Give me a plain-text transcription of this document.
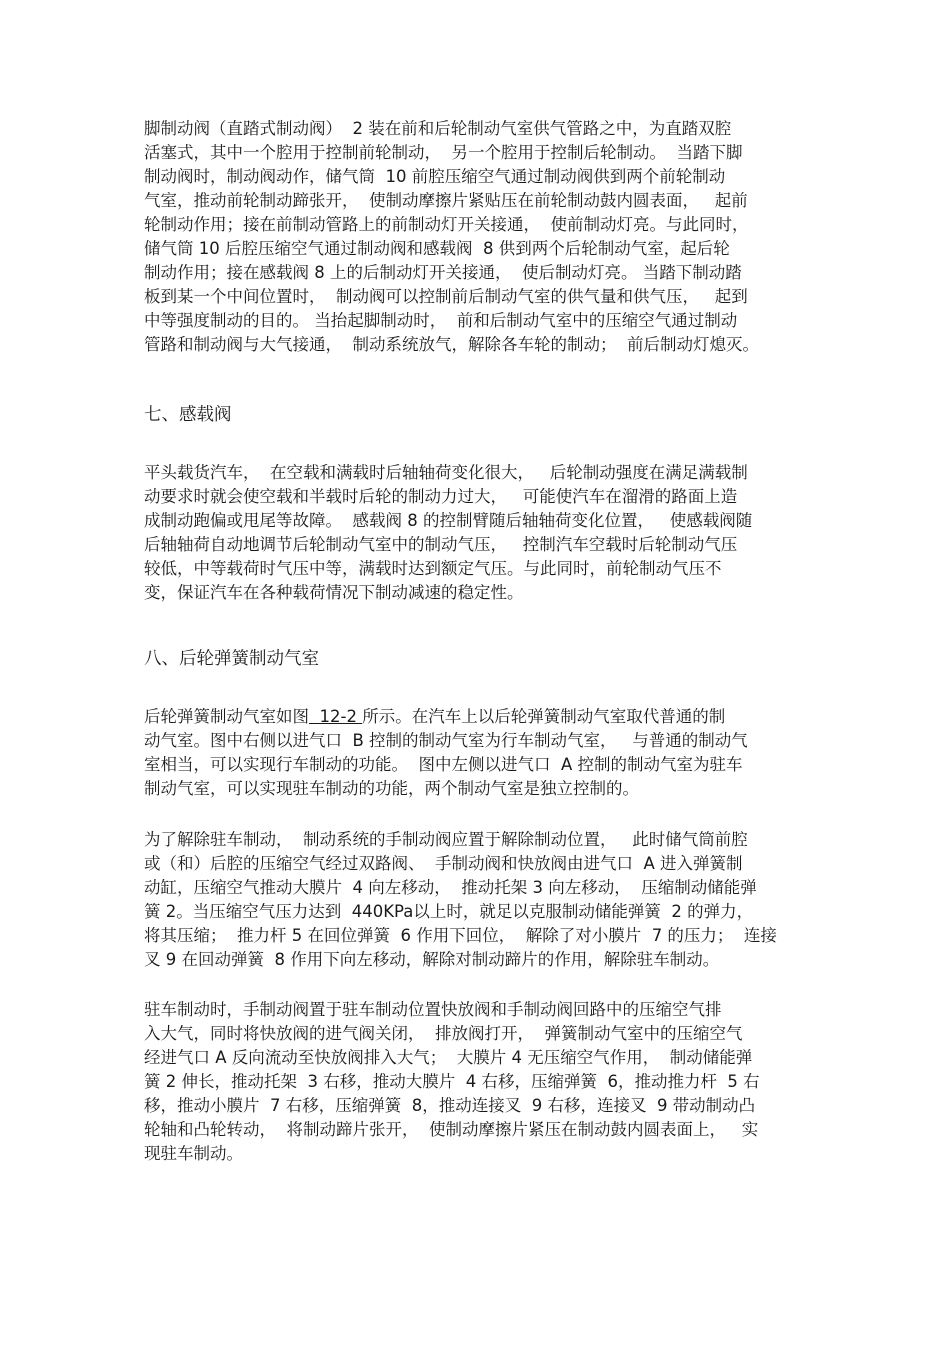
脚制动阀（直踏式制动阀）  2 装在前和后轮制动气室供气管路之中，为直踏双腔
活塞式，其中一个腔用于控制前轮制动，  另一个腔用于控制后轮制动。  当踏下脚
制动阀时，制动阀动作，储气筒  10 前腔压缩空气通过制动阀供到两个前轮制动
气室，推动前轮制动蹄张开，  使制动摩擦片紧贴压在前轮制动鼓内圆表面，   起前
轮制动作用；接在前制动管路上的前制动灯开关接通，  使前制动灯亮。与此同时，
储气筒 10 后腔压缩空气通过制动阀和感载阀  8 供到两个后轮制动气室，起后轮
制动作用；接在感载阀 8 上的后制动灯开关接通，  使后制动灯亮。 当踏下制动踏
板到某一个中间位置时，  制动阀可以控制前后制动气室的供气量和供气压，   起到
中等强度制动的目的。 当抬起脚制动时，  前和后制动气室中的压缩空气通过制动
管路和制动阀与大气接通，  制动系统放气，解除各车轮的制动；  前后制动灯熄灭。
七、感载阀
平头载货汽车，  在空载和满载时后轴轴荷变化很大，   后轮制动强度在满足满载制
动要求时就会使空载和半载时后轮的制动力过大，   可能使汽车在溜滑的路面上造
成制动跑偏或甩尾等故障。  感载阀 8 的控制臂随后轴轴荷变化位置，   使感载阀随
后轴轴荷自动地调节后轮制动气室中的制动气压，   控制汽车空载时后轮制动气压
较低，中等载荷时气压中等，满载时达到额定气压。与此同时，前轮制动气压不
变，保证汽车在各种载荷情况下制动减速的稳定性。
八、后轮弹簧制动气室
后轮弹簧制动气室如图  12-2 所示。在汽车上以后轮弹簧制动气室取代普通的制
动气室。图中右侧以进气口  B 控制的制动气室为行车制动气室，   与普通的制动气
室相当，可以实现行车制动的功能。  图中左侧以进气口  A 控制的制动气室为驻车
制动气室，可以实现驻车制动的功能，两个制动气室是独立控制的。
为了解除驻车制动，  制动系统的手制动阀应置于解除制动位置，   此时储气筒前腔
或（和）后腔的压缩空气经过双路阀、  手制动阀和快放阀由进气口  A 进入弹簧制
动缸，压缩空气推动大膜片  4 向左移动，  推动托架 3 向左移动，  压缩制动储能弹
簧 2。当压缩空气压力达到  440KPa以上时，就足以克服制动储能弹簧  2 的弹力，
将其压缩；  推力杆 5 在回位弹簧  6 作用下回位，  解除了对小膜片  7 的压力；  连接
叉 9 在回动弹簧  8 作用下向左移动，解除对制动蹄片的作用，解除驻车制动。
驻车制动时，手制动阀置于驻车制动位置快放阀和手制动阀回路中的压缩空气排
入大气，同时将快放阀的进气阀关闭，  排放阀打开，  弹簧制动气室中的压缩空气
经进气口 A 反向流动至快放阀排入大气；  大膜片 4 无压缩空气作用，  制动储能弹
簧 2 伸长，推动托架  3 右移，推动大膜片  4 右移，压缩弹簧  6，推动推力杆  5 右
移，推动小膜片  7 右移，压缩弹簧  8，推动连接叉  9 右移，连接叉  9 带动制动凸
轮轴和凸轮转动，  将制动蹄片张开，  使制动摩擦片紧压在制动鼓内圆表面上，   实
现驻车制动。
